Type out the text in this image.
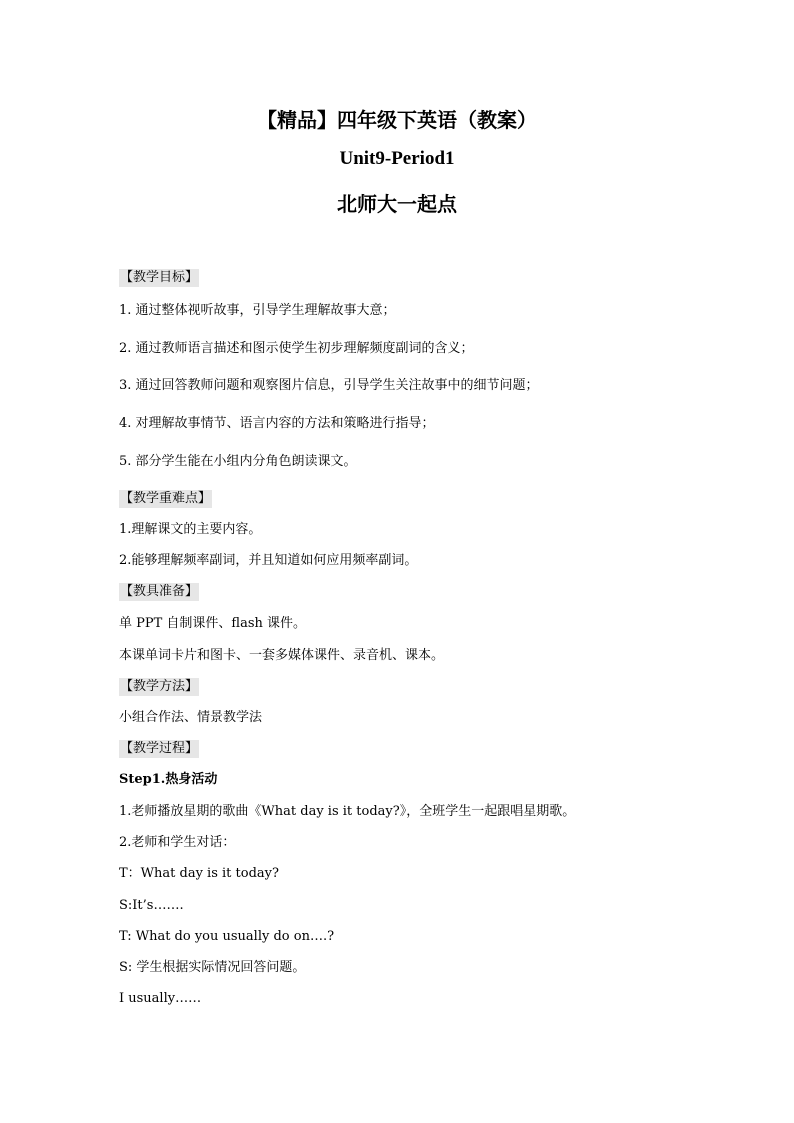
【精品】四年级下英语（教案）
Unit9-Period1
北师大一起点
【教学目标】
1. 通过整体视听故事，引导学生理解故事大意；
2. 通过教师语言描述和图示使学生初步理解频度副词的含义；
3. 通过回答教师问题和观察图片信息，引导学生关注故事中的细节问题；
4. 对理解故事情节、语言内容的方法和策略进行指导；
5. 部分学生能在小组内分角色朗读课文。
【教学重难点】
1.理解课文的主要内容。
2.能够理解频率副词，并且知道如何应用频率副词。
【教具准备】
单 PPT 自制课件、flash 课件。
本课单词卡片和图卡、一套多媒体课件、录音机、课本。
【教学方法】
小组合作法、情景教学法
【教学过程】
Step1.热身活动
1.老师播放星期的歌曲《What day is it today?》，全班学生一起跟唱星期歌。
2.老师和学生对话：
T：What day is it today?
S:It’s…….
T: What do you usually do on….?
S: 学生根据实际情况回答问题。
I usually……
